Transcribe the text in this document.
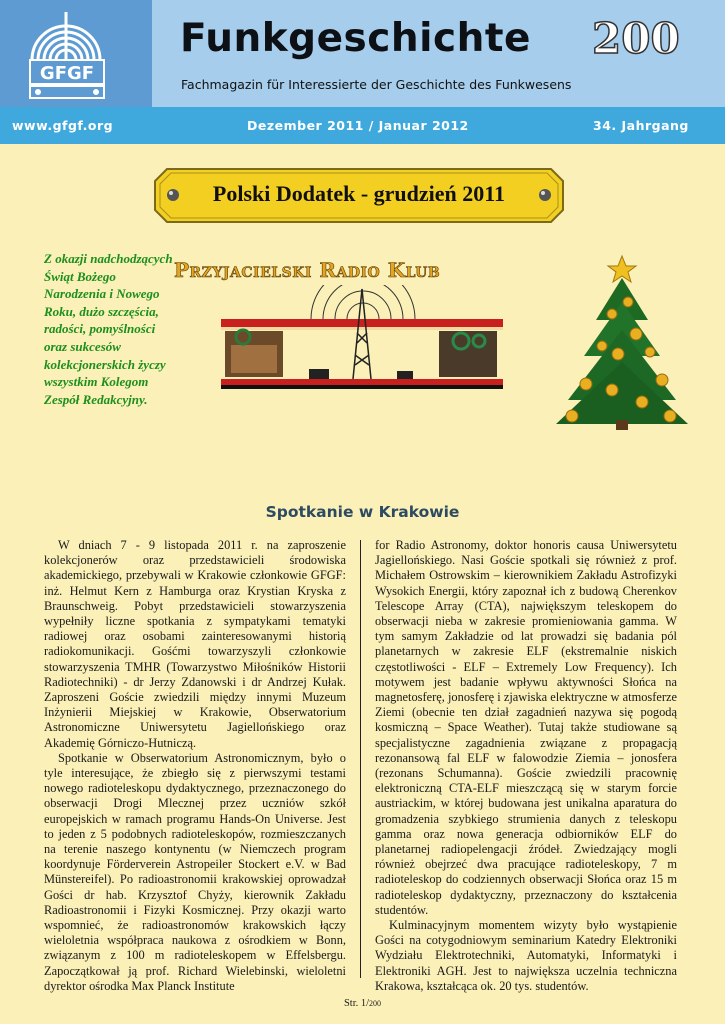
GFGF
Funkgeschichte 200
Fachmagazin für Interessierte der Geschichte des Funkwesens
www.gfgf.org	Dezember 2011 / Januar 2012	34. Jahrgang
Polski Dodatek - grudzień 2011
Z okazji nadchodzących Świąt Bożego Narodzenia i Nowego Roku, dużo szczęścia, radości, pomyślności oraz sukcesów kolekcjonerskich życzy wszystkim Kolegom Zespół Redakcyjny.
Przyjacielski Radio Klub
Spotkanie w Krakowie

W dniach 7 - 9 listopada 2011 r. na zaproszenie kolekcjonerów oraz przedstawicieli środowiska akademickiego, przebywali w Krakowie członkowie GFGF: inż. Helmut Kern z Hamburga oraz Krystian Kryska z Braunschweig. Pobyt przedstawicieli stowarzyszenia wypełniły liczne spotkania z sympatykami tematyki radiowej oraz osobami zainteresowanymi historią radiokomunikacji. Gośćmi towarzyszyli członkowie stowarzyszenia TMHR (Towarzystwo Miłośników Historii Radiotechniki) - dr Jerzy Zdanowski i dr Andrzej Kułak. Zaproszeni Goście zwiedzili między innymi Muzeum Inżynierii Miejskiej w Krakowie, Obserwatorium Astronomiczne Uniwersytetu Jagiellońskiego oraz Akademię Górniczo-Hutniczą.

Spotkanie w Obserwatorium Astronomicznym, było o tyle interesujące, że zbiegło się z pierwszymi testami nowego radioteleskopu dydaktycznego, przeznaczonego do obserwacji Drogi Mlecznej przez uczniów szkół europejskich w ramach programu Hands-On Universe. Jest to jeden z 5 podobnych radioteleskopów, rozmieszczanych na terenie naszego kontynentu (w Niemczech program koordynuje Förderverein Astropeiler Stockert e.V. w Bad Münstereifel). Po radioastronomii krakowskiej oprowadzał Gości dr hab. Krzysztof Chyży, kierownik Zakładu Radioastronomii i Fizyki Kosmicznej. Przy okazji warto wspomnieć, że radioastronomów krakowskich łączy wieloletnia współpraca naukowa z ośrodkiem w Bonn, związanym z 100 m radioteleskopem w Effelsbergu. Zapoczątkował ją prof. Richard Wielebinski, wieloletni dyrektor ośrodka Max Planck Institute

for Radio Astronomy, doktor honoris causa Uniwersytetu Jagiellońskiego. Nasi Goście spotkali się również z prof. Michałem Ostrowskim – kierownikiem Zakładu Astrofizyki Wysokich Energii, który zapoznał ich z budową Cherenkov Telescope Array (CTA), największym teleskopem do obserwacji nieba w zakresie promieniowania gamma. W tym samym Zakładzie od lat prowadzi się badania pól planetarnych w zakresie ELF (ekstremalnie niskich częstotliwości - ELF – Extremely Low Frequency). Ich motywem jest badanie wpływu aktywności Słońca na magnetosferę, jonosferę i zjawiska elektryczne w atmosferze Ziemi (obecnie ten dział zagadnień nazywa się pogodą kosmiczną – Space Weather). Tutaj także studiowane są specjalistyczne zagadnienia związane z propagacją rezonansową fal ELF w falowodzie Ziemia – jonosfera (rezonans Schumanna). Goście zwiedzili pracownię elektroniczną CTA-ELF mieszczącą się w starym forcie austriackim, w której budowana jest unikalna aparatura do gromadzenia szybkiego strumienia danych z teleskopu gamma oraz nowa generacja odbiorników ELF do planetarnej radiopelengacji źródeł. Zwiedzający mogli również obejrzeć dwa pracujące radioteleskopy, 7 m radioteleskop do codziennych obserwacji Słońca oraz 15 m radioteleskop dydaktyczny, przeznaczony do kształcenia studentów.

Kulminacyjnym momentem wizyty było wystąpienie Gości na cotygodniowym seminarium Katedry Elektroniki Wydziału Elektrotechniki, Automatyki, Informatyki i Elektroniki AGH. Jest to największa uczelnia techniczna Krakowa, kształcąca ok. 20 tys. studentów.

Str. 1/200
